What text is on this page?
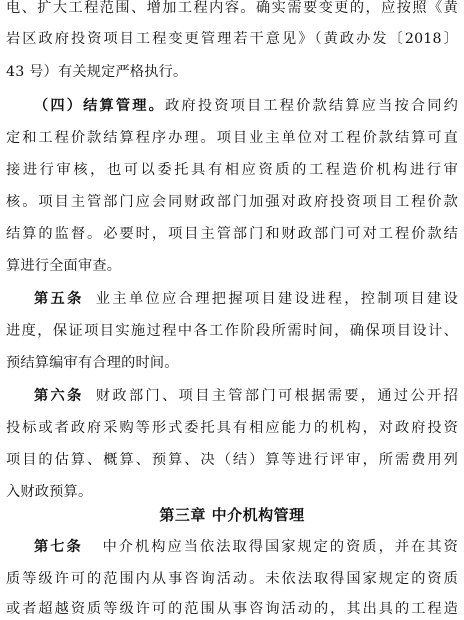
电、扩大工程范围、增加工程内容。确实需要变更的，应按照《黄
岩区政府投资项目工程变更管理若干意见》（黄政办发〔2018〕
43 号）有关规定严格执行。
（四）结算管理。政府投资项目工程价款结算应当按合同约
定和工程价款结算程序办理。项目业主单位对工程价款结算可直
接进行审核，也可以委托具有相应资质的工程造价机构进行审
核。项目主管部门应会同财政部门加强对政府投资项目工程价款
结算的监督。必要时，项目主管部门和财政部门可对工程价款结
算进行全面审查。
第五条 业主单位应合理把握项目建设进程，控制项目建设
进度，保证项目实施过程中各工作阶段所需时间，确保项目设计、
预结算编审有合理的时间。
第六条 财政部门、项目主管部门可根据需要，通过公开招
投标或者政府采购等形式委托具有相应能力的机构，对政府投资
项目的估算、概算、预算、决（结）算等进行评审，所需费用列
入财政预算。
第三章 中介机构管理
第七条 中介机构应当依法取得国家规定的资质，并在其资
质等级许可的范围内从事咨询活动。未依法取得国家规定的资质
或者超越资质等级许可的范围从事咨询活动的，其出具的工程造
